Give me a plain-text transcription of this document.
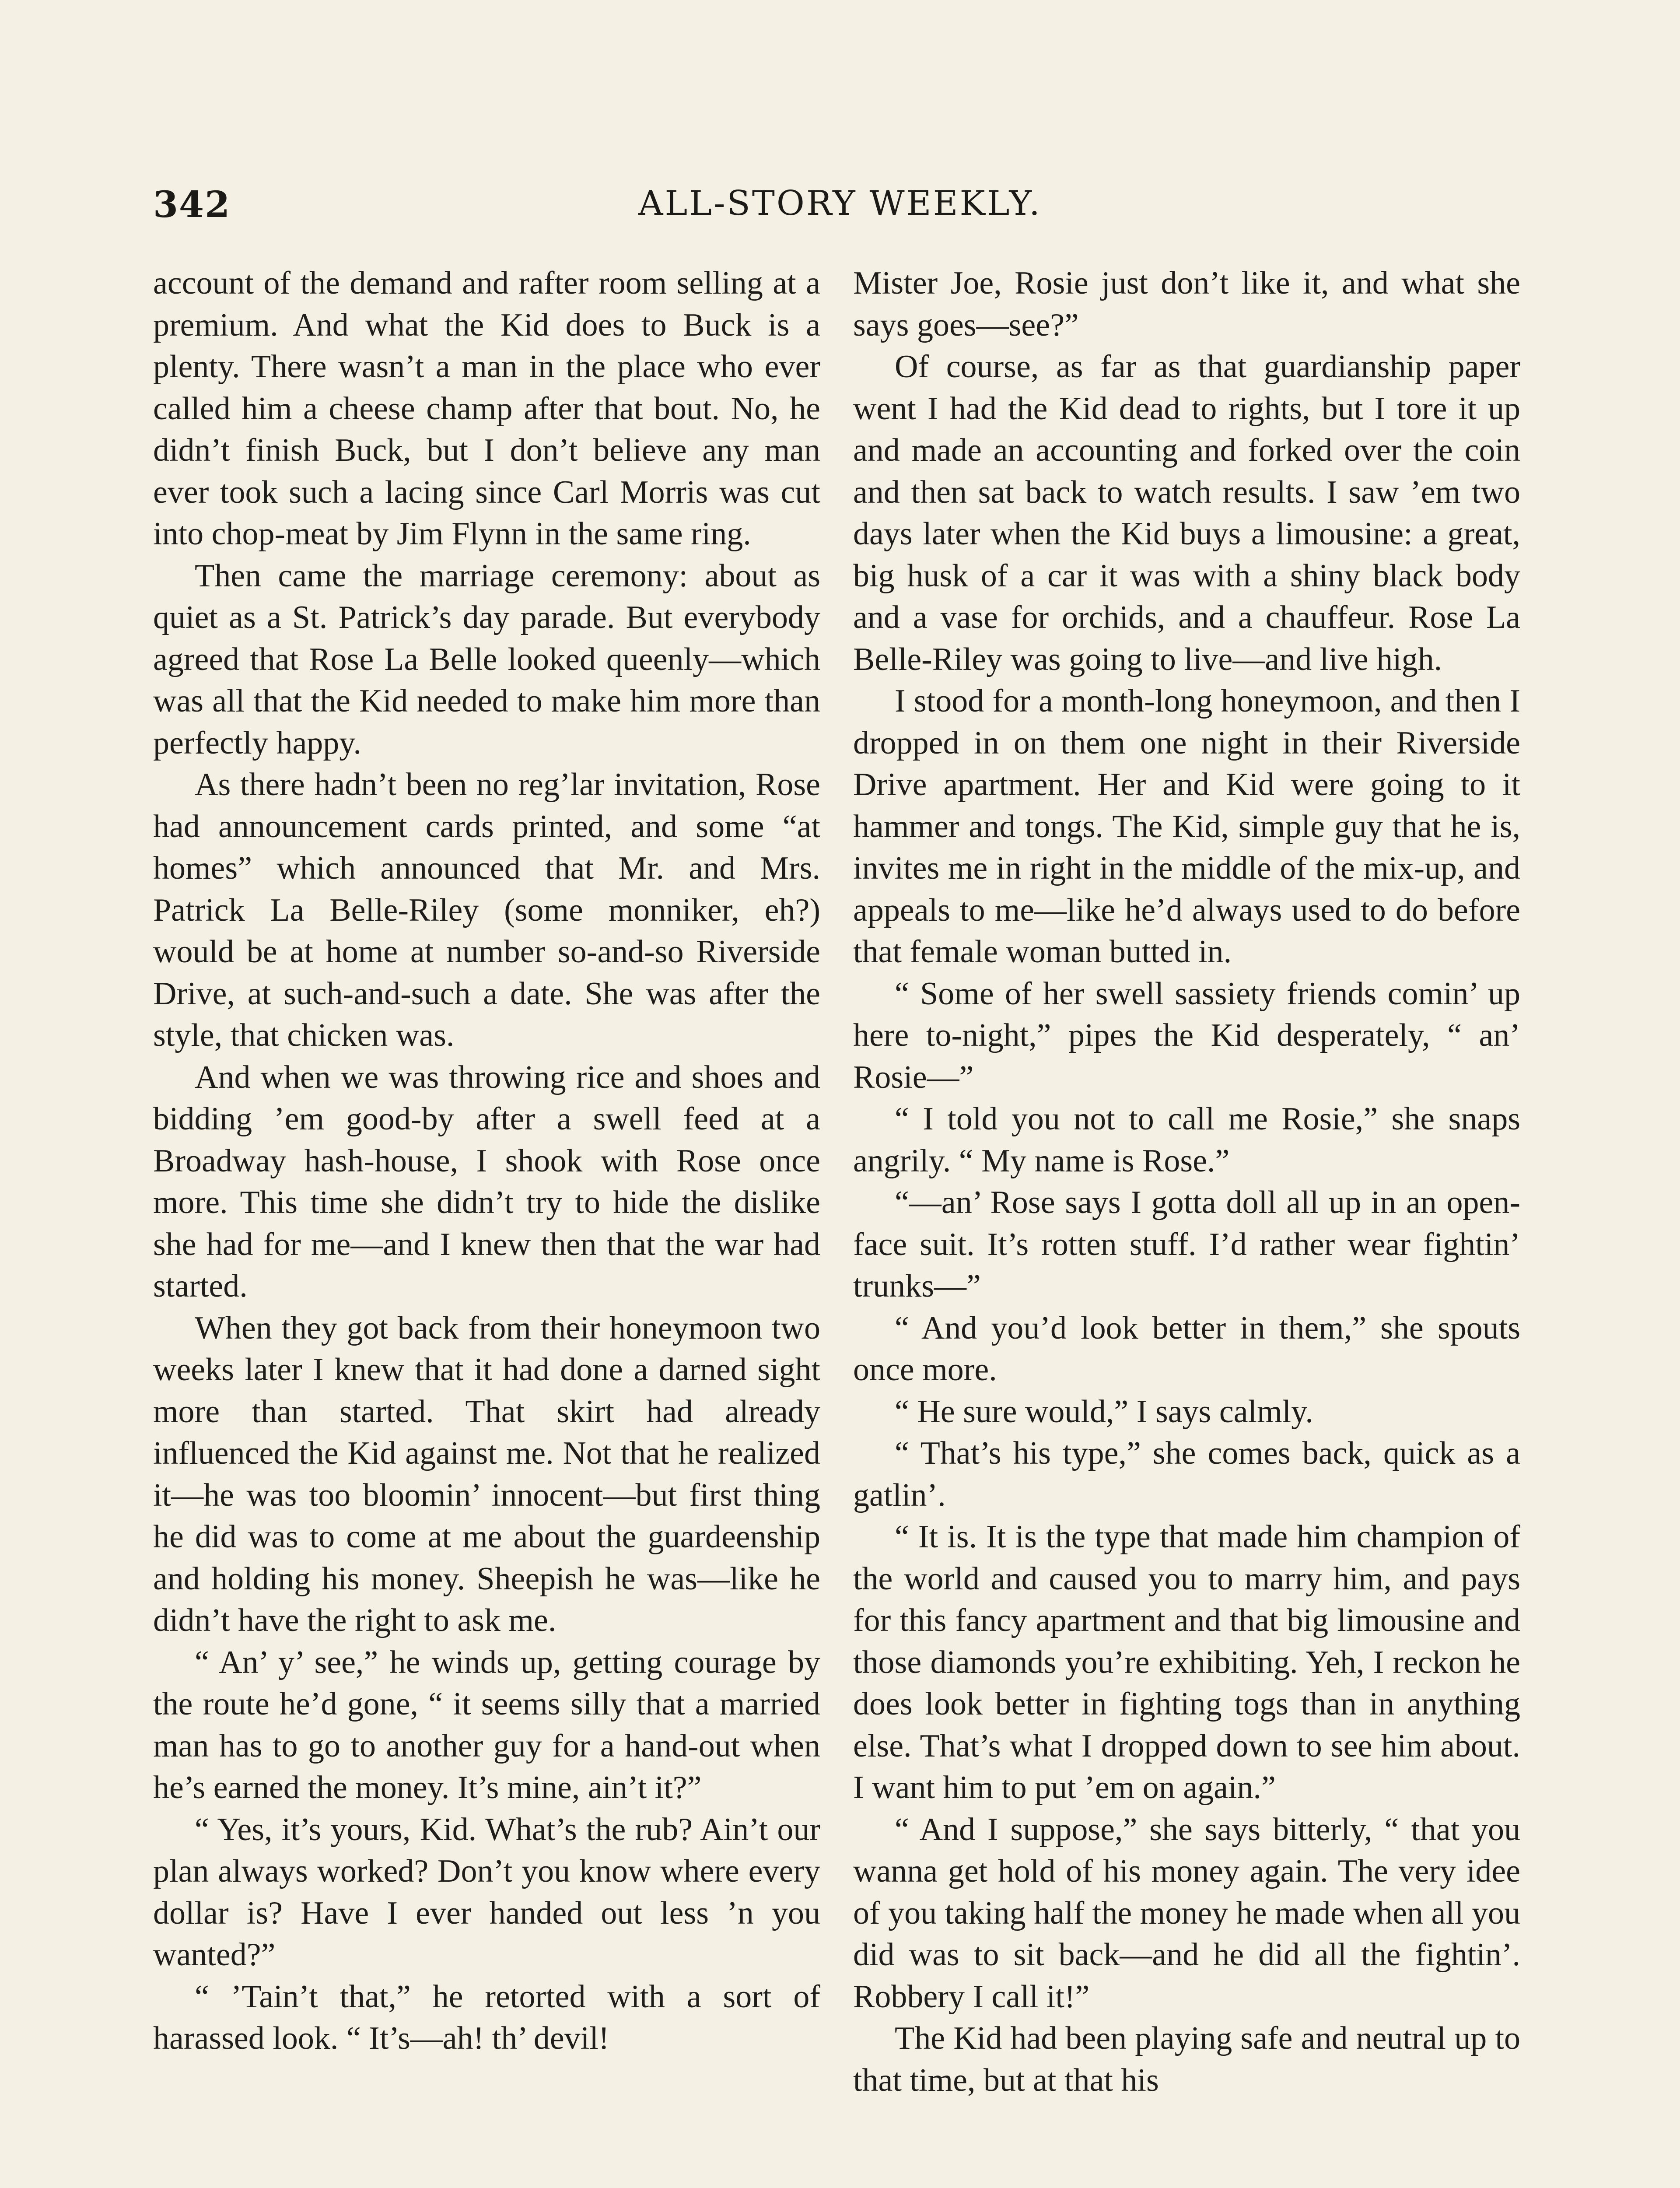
342	ALL-STORY WEEKLY.

account of the demand and rafter room selling at a premium. And what the Kid does to Buck is a plenty. There wasn’t a man in the place who ever called him a cheese champ after that bout. No, he didn’t finish Buck, but I don’t believe any man ever took such a lacing since Carl Morris was cut into chop-meat by Jim Flynn in the same ring.

Then came the marriage ceremony: about as quiet as a St. Patrick’s day parade. But everybody agreed that Rose La Belle looked queenly—which was all that the Kid needed to make him more than perfectly happy.

As there hadn’t been no reg’lar invitation, Rose had announcement cards printed, and some “at homes” which announced that Mr. and Mrs. Patrick La Belle-Riley (some monniker, eh?) would be at home at number so-and-so Riverside Drive, at such-and-such a date. She was after the style, that chicken was.

And when we was throwing rice and shoes and bidding ’em good-by after a swell feed at a Broadway hash-house, I shook with Rose once more. This time she didn’t try to hide the dislike she had for me—and I knew then that the war had started.

When they got back from their honeymoon two weeks later I knew that it had done a darned sight more than started. That skirt had already influenced the Kid against me. Not that he realized it—he was too bloomin’ innocent—but first thing he did was to come at me about the guardeenship and holding his money. Sheepish he was—like he didn’t have the right to ask me.

“ An’ y’ see,” he winds up, getting courage by the route he’d gone, “ it seems silly that a married man has to go to another guy for a hand-out when he’s earned the money. It’s mine, ain’t it?”

“ Yes, it’s yours, Kid. What’s the rub? Ain’t our plan always worked? Don’t you know where every dollar is? Have I ever handed out less ’n you wanted?”

“ ’Tain’t that,” he retorted with a sort of harassed look. “ It’s—ah! th’ devil!

Mister Joe, Rosie just don’t like it, and what she says goes—see?”

Of course, as far as that guardianship paper went I had the Kid dead to rights, but I tore it up and made an accounting and forked over the coin and then sat back to watch results. I saw ’em two days later when the Kid buys a limousine: a great, big husk of a car it was with a shiny black body and a vase for orchids, and a chauffeur. Rose La Belle-Riley was going to live—and live high.

I stood for a month-long honeymoon, and then I dropped in on them one night in their Riverside Drive apartment. Her and Kid were going to it hammer and tongs. The Kid, simple guy that he is, invites me in right in the middle of the mix-up, and appeals to me—like he’d always used to do before that female woman butted in.

“ Some of her swell sassiety friends comin’ up here to-night,” pipes the Kid desperately, “ an’ Rosie—”

“ I told you not to call me Rosie,” she snaps angrily. “ My name is Rose.”

“—an’ Rose says I gotta doll all up in an open-face suit. It’s rotten stuff. I’d rather wear fightin’ trunks—”

“ And you’d look better in them,” she spouts once more.

“ He sure would,” I says calmly.

“ That’s his type,” she comes back, quick as a gatlin’.

“ It is. It is the type that made him champion of the world and caused you to marry him, and pays for this fancy apartment and that big limousine and those diamonds you’re exhibiting. Yeh, I reckon he does look better in fighting togs than in anything else. That’s what I dropped down to see him about. I want him to put ’em on again.”

“ And I suppose,” she says bitterly, “ that you wanna get hold of his money again. The very idee of you taking half the money he made when all you did was to sit back—and he did all the fightin’. Robbery I call it!”

The Kid had been playing safe and neutral up to that time, but at that his
